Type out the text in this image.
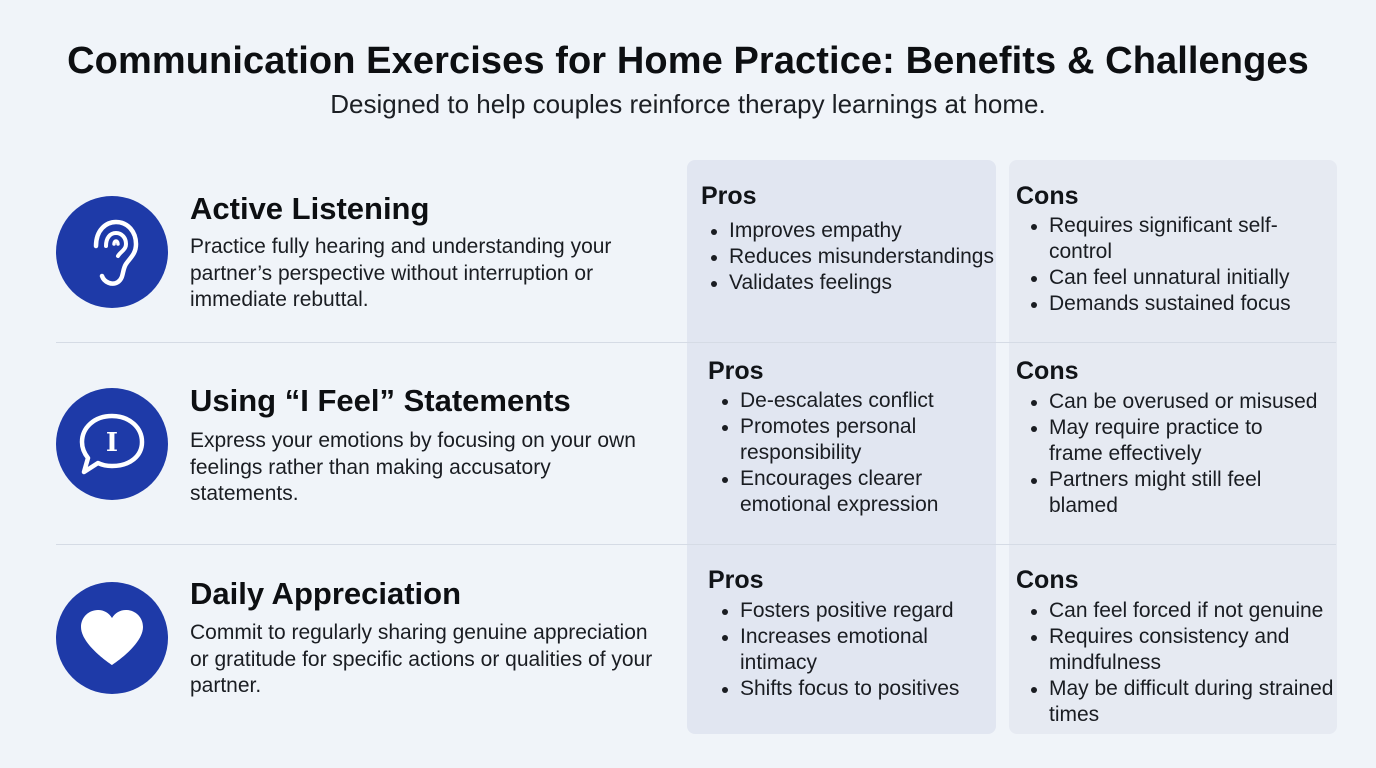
Communication Exercises for Home Practice: Benefits & Challenges
Designed to help couples reinforce therapy learnings at home.
Active Listening
Practice fully hearing and understanding your partner’s perspective without interruption or immediate rebuttal.
Pros
Improves empathy
Reduces misunderstandings
Validates feelings
Cons
Requires significant self-control
Can feel unnatural initially
Demands sustained focus
I
Using “I Feel” Statements
Express your emotions by focusing on your own feelings rather than making accusatory statements.
Pros
De-escalates conflict
Promotes personal responsibility
Encourages clearer emotional expression
Cons
Can be overused or misused
May require practice to frame effectively
Partners might still feel blamed
Daily Appreciation
Commit to regularly sharing genuine appreciation or gratitude for specific actions or qualities of your partner.
Pros
Fosters positive regard
Increases emotional intimacy
Shifts focus to positives
Cons
Can feel forced if not genuine
Requires consistency and mindfulness
May be difficult during strained times
